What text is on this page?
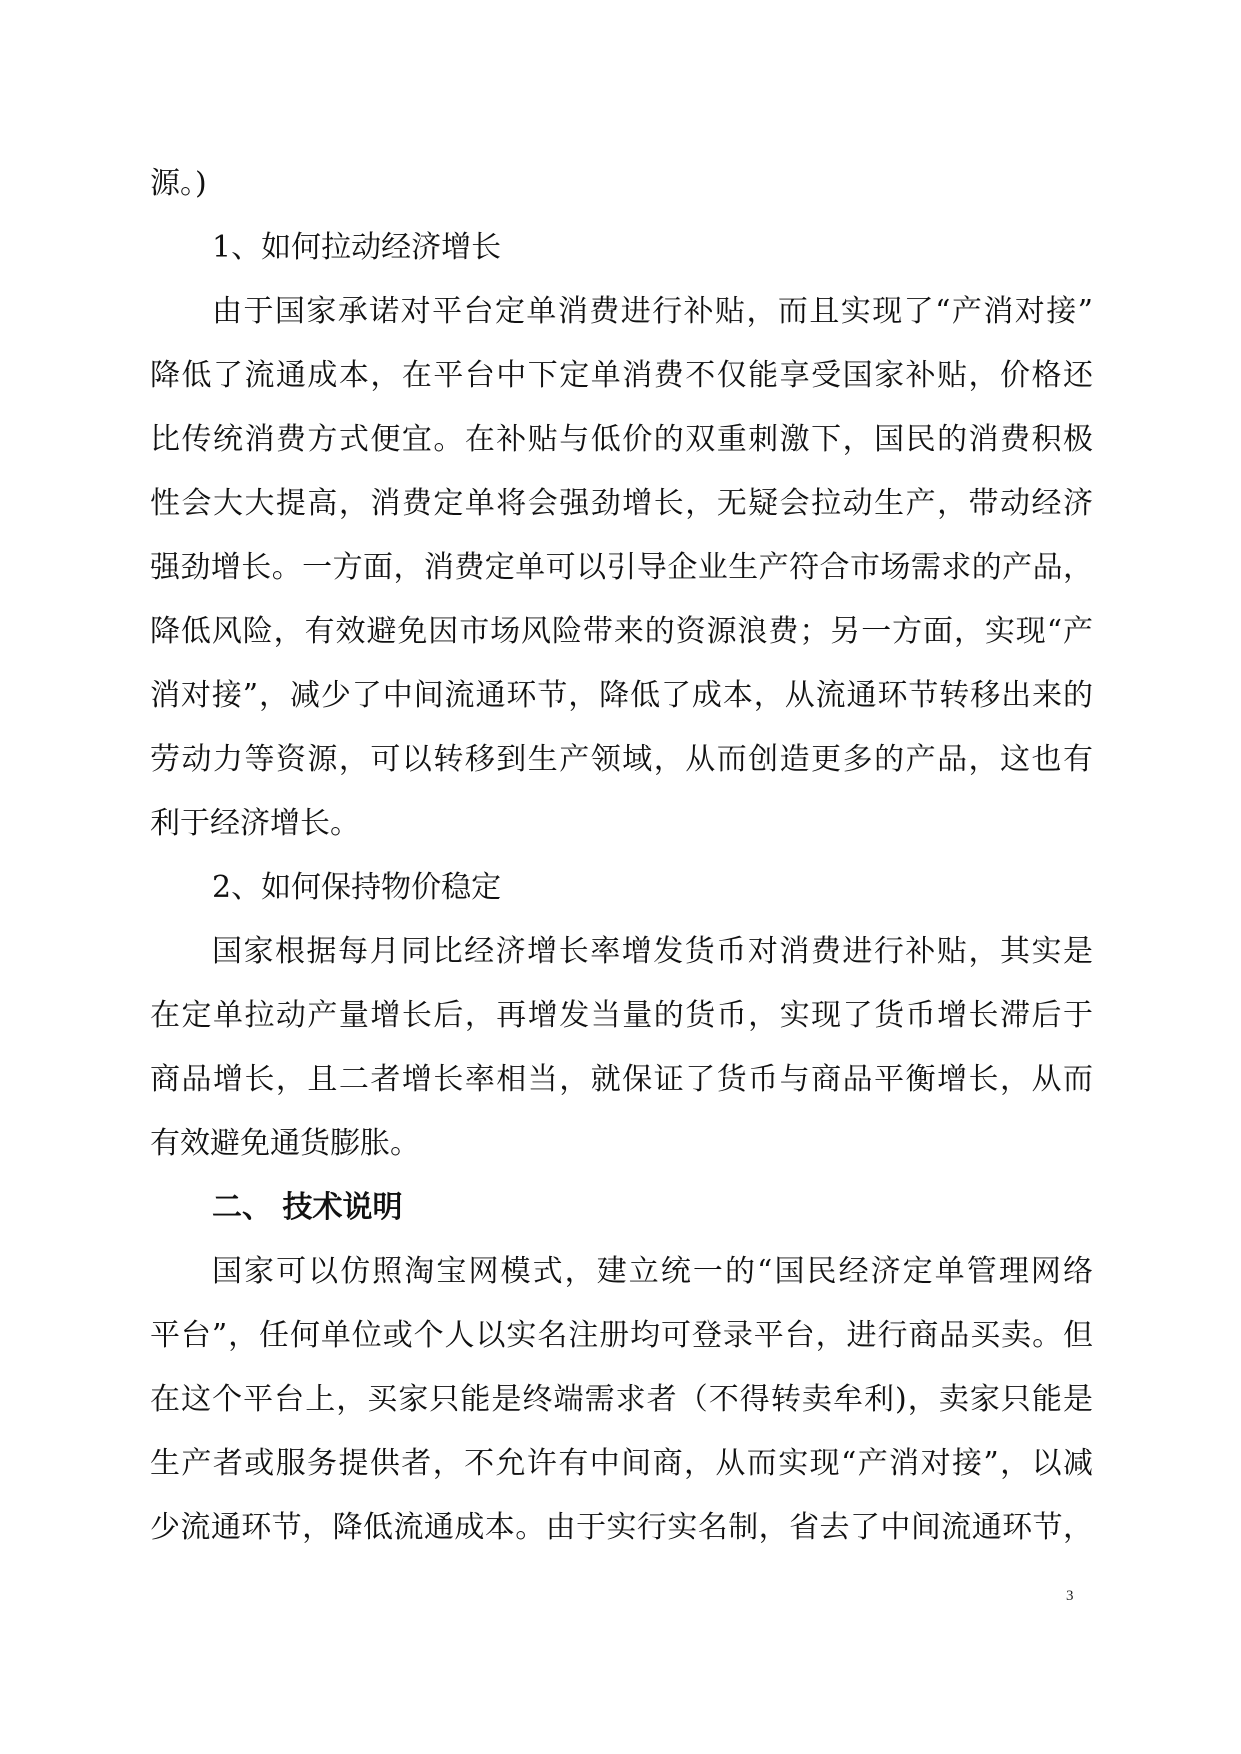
源。)
1、如何拉动经济增长
由于国家承诺对平台定单消费进行补贴，而且实现了“产消对接”
降低了流通成本，在平台中下定单消费不仅能享受国家补贴，价格还
比传统消费方式便宜。在补贴与低价的双重刺激下，国民的消费积极
性会大大提高，消费定单将会强劲增长，无疑会拉动生产，带动经济
强劲增长。一方面，消费定单可以引导企业生产符合市场需求的产品，
降低风险，有效避免因市场风险带来的资源浪费；另一方面，实现“产
消对接”，减少了中间流通环节，降低了成本，从流通环节转移出来的
劳动力等资源，可以转移到生产领域，从而创造更多的产品，这也有
利于经济增长。
2、如何保持物价稳定
国家根据每月同比经济增长率增发货币对消费进行补贴，其实是
在定单拉动产量增长后，再增发当量的货币，实现了货币增长滞后于
商品增长，且二者增长率相当，就保证了货币与商品平衡增长，从而
有效避免通货膨胀。
二、 技术说明
国家可以仿照淘宝网模式，建立统一的“国民经济定单管理网络
平台”，任何单位或个人以实名注册均可登录平台，进行商品买卖。但
在这个平台上，买家只能是终端需求者（不得转卖牟利)，卖家只能是
生产者或服务提供者，不允许有中间商，从而实现“产消对接”，以减
少流通环节，降低流通成本。由于实行实名制，省去了中间流通环节，
3
